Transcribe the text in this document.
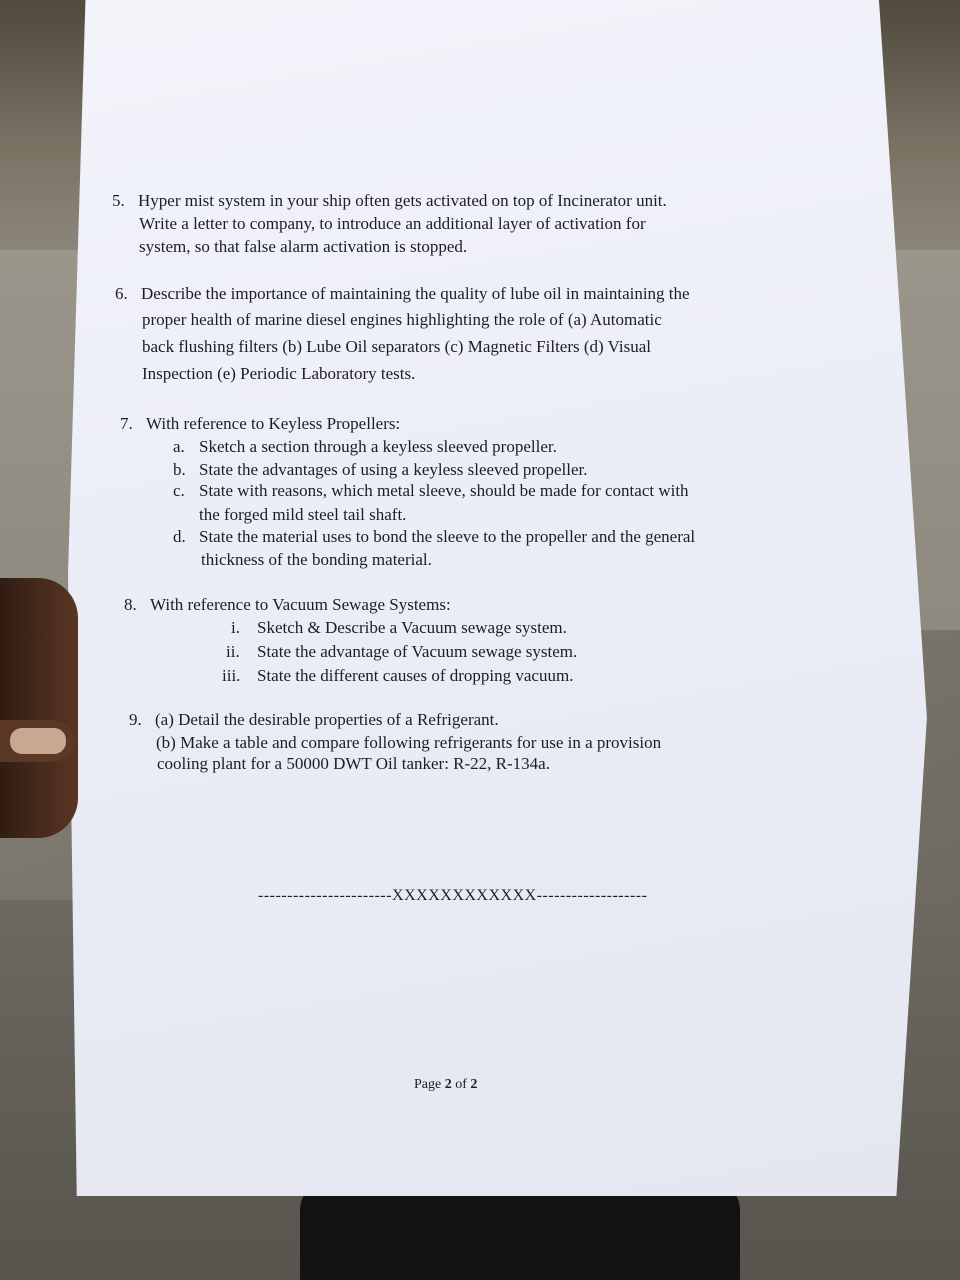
5. Hyper mist system in your ship often gets activated on top of Incinerator unit.
Write a letter to company, to introduce an additional layer of activation for
system, so that false alarm activation is stopped.
6. Describe the importance of maintaining the quality of lube oil in maintaining the
proper health of marine diesel engines highlighting the role of (a) Automatic
back flushing filters (b) Lube Oil separators (c) Magnetic Filters (d) Visual
Inspection (e) Periodic Laboratory tests.
7. With reference to Keyless Propellers:
a. Sketch a section through a keyless sleeved propeller.
b. State the advantages of using a keyless sleeved propeller.
c. State with reasons, which metal sleeve, should be made for contact with
the forged mild steel tail shaft.
d. State the material uses to bond the sleeve to the propeller and the general
thickness of the bonding material.
8. With reference to Vacuum Sewage Systems:
i. Sketch & Describe a Vacuum sewage system.
ii. State the advantage of Vacuum sewage system.
iii. State the different causes of dropping vacuum.
9. (a) Detail the desirable properties of a Refrigerant.
(b) Make a table and compare following refrigerants for use in a provision
cooling plant for a 50000 DWT Oil tanker: R-22, R-134a.
-----------------------XXXXXXXXXXXX-------------------
Page 2 of 2
